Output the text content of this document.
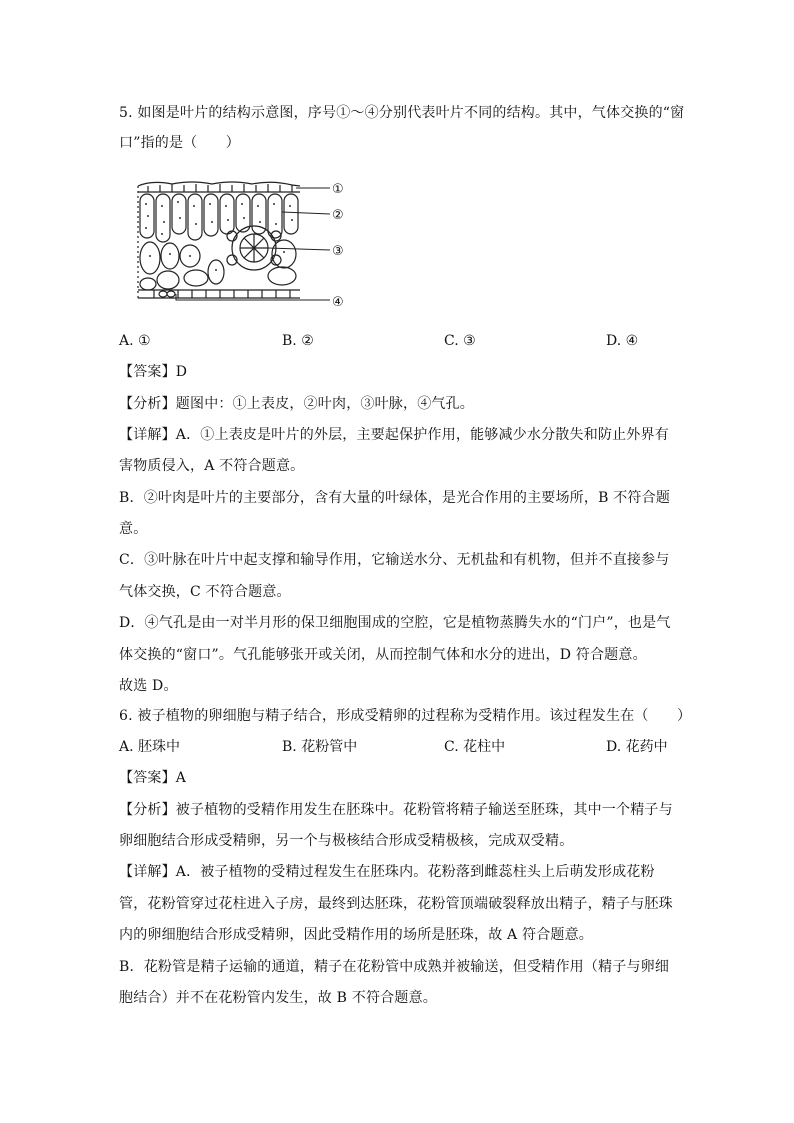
5. 如图是叶片的结构示意图，序号①～④分别代表叶片不同的结构。其中，气体交换的“窗
口”指的是（　　）
①
②
③
④
A. ①	B. ②	C. ③	D. ④
【答案】D
【分析】题图中：①上表皮，②叶肉，③叶脉，④气孔。
【详解】A．①上表皮是叶片的外层，主要起保护作用，能够减少水分散失和防止外界有
害物质侵入，A 不符合题意。
B．②叶肉是叶片的主要部分，含有大量的叶绿体，是光合作用的主要场所，B 不符合题
意。
C．③叶脉在叶片中起支撑和输导作用，它输送水分、无机盐和有机物，但并不直接参与
气体交换，C 不符合题意。
D．④气孔是由一对半月形的保卫细胞围成的空腔，它是植物蒸腾失水的“门户”，也是气
体交换的“窗口”。气孔能够张开或关闭，从而控制气体和水分的进出，D 符合题意。
故选 D。
6. 被子植物的卵细胞与精子结合，形成受精卵的过程称为受精作用。该过程发生在（　　）
A. 胚珠中	B. 花粉管中	C. 花柱中	D. 花药中
【答案】A
【分析】被子植物的受精作用发生在胚珠中。花粉管将精子输送至胚珠，其中一个精子与
卵细胞结合形成受精卵，另一个与极核结合形成受精极核，完成双受精。
【详解】A．被子植物的受精过程发生在胚珠内。花粉落到雌蕊柱头上后萌发形成花粉
管，花粉管穿过花柱进入子房，最终到达胚珠，花粉管顶端破裂释放出精子，精子与胚珠
内的卵细胞结合形成受精卵，因此受精作用的场所是胚珠，故 A 符合题意。
B．花粉管是精子运输的通道，精子在花粉管中成熟并被输送，但受精作用（精子与卵细
胞结合）并不在花粉管内发生，故 B 不符合题意。
